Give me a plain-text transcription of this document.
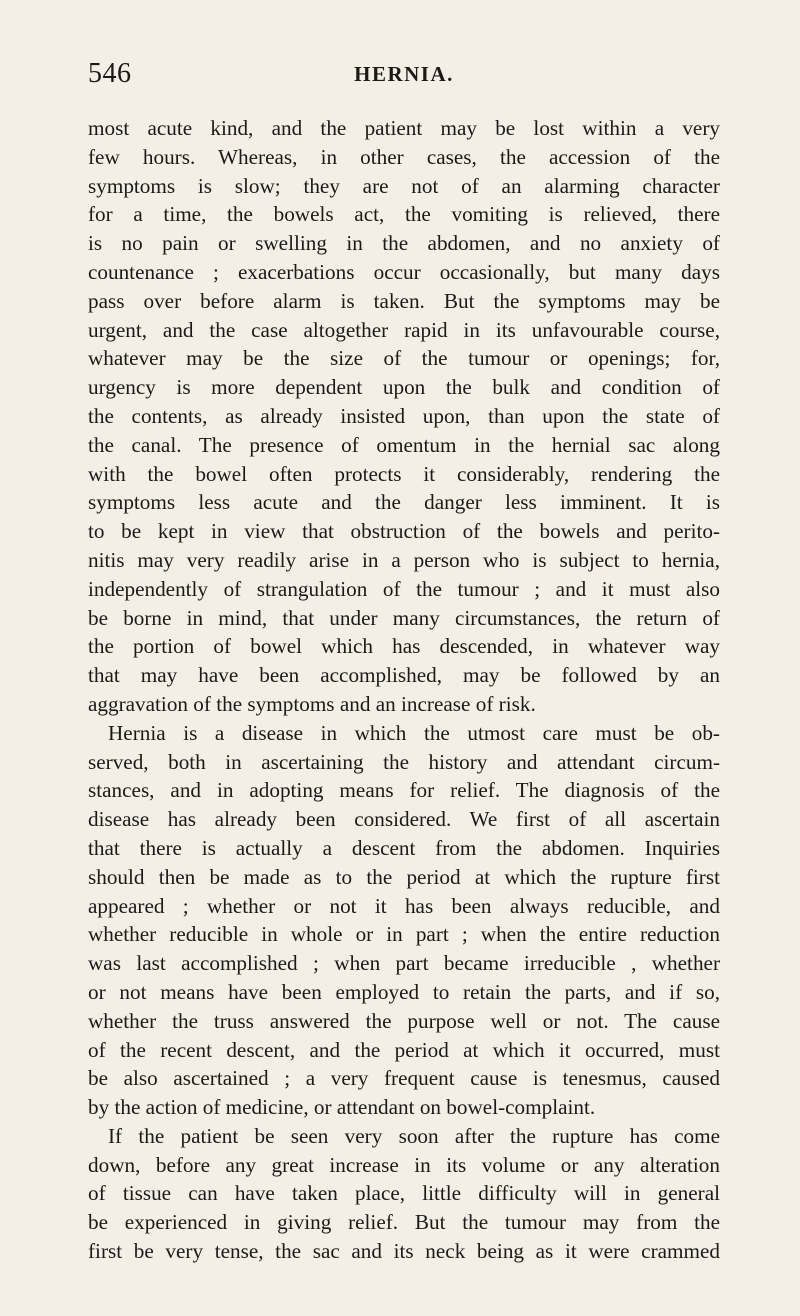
546	HERNIA.
most acute kind, and the patient may be lost within a very
few hours. Whereas, in other cases, the accession of the
symptoms is slow; they are not of an alarming character
for a time, the bowels act, the vomiting is relieved, there
is no pain or swelling in the abdomen, and no anxiety of
countenance ; exacerbations occur occasionally, but many days
pass over before alarm is taken. But the symptoms may be
urgent, and the case altogether rapid in its unfavourable course,
whatever may be the size of the tumour or openings; for,
urgency is more dependent upon the bulk and condition of
the contents, as already insisted upon, than upon the state of
the canal. The presence of omentum in the hernial sac along
with the bowel often protects it considerably, rendering the
symptoms less acute and the danger less imminent. It is
to be kept in view that obstruction of the bowels and perito-
nitis may very readily arise in a person who is subject to hernia,
independently of strangulation of the tumour ; and it must also
be borne in mind, that under many circumstances, the return of
the portion of bowel which has descended, in whatever way
that may have been accomplished, may be followed by an
aggravation of the symptoms and an increase of risk.
Hernia is a disease in which the utmost care must be ob-
served, both in ascertaining the history and attendant circum-
stances, and in adopting means for relief. The diagnosis of the
disease has already been considered. We first of all ascertain
that there is actually a descent from the abdomen. Inquiries
should then be made as to the period at which the rupture first
appeared ; whether or not it has been always reducible, and
whether reducible in whole or in part ; when the entire reduction
was last accomplished ; when part became irreducible , whether
or not means have been employed to retain the parts, and if so,
whether the truss answered the purpose well or not. The cause
of the recent descent, and the period at which it occurred, must
be also ascertained ; a very frequent cause is tenesmus, caused
by the action of medicine, or attendant on bowel-complaint.
If the patient be seen very soon after the rupture has come
down, before any great increase in its volume or any alteration
of tissue can have taken place, little difficulty will in general
be experienced in giving relief. But the tumour may from the
first be very tense, the sac and its neck being as it were crammed
